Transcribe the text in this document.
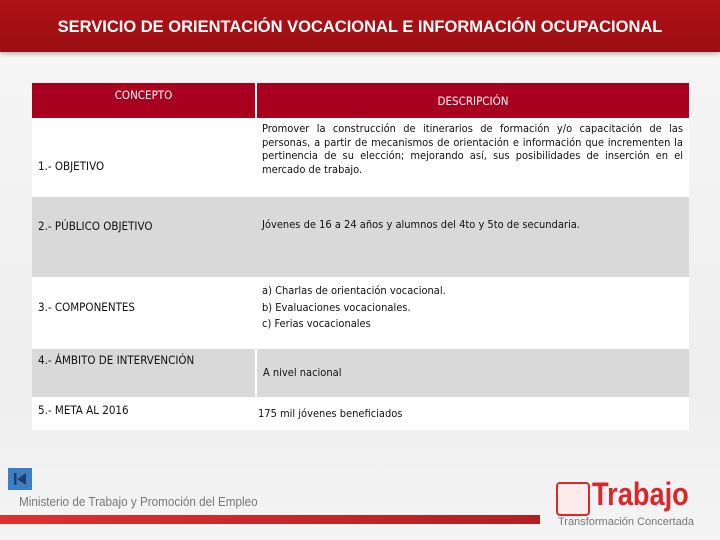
SERVICIO DE ORIENTACIÓN VOCACIONAL E INFORMACIÓN OCUPACIONAL
CONCEPTO	DESCRIPCIÓN
1.- OBJETIVO	Promover la construcción de itinerarios de formación y/o capacitación de las personas, a partir de mecanismos de orientación e información que incrementen la pertinencia de su elección; mejorando así, sus posibilidades de inserción en el mercado de trabajo.
2.- PÚBLICO OBJETIVO	Jóvenes de 16 a 24 años y alumnos del 4to y 5to de secundaria.
3.- COMPONENTES	a) Charlas de orientación vocacional.
b) Evaluaciones vocacionales.
c) Ferias vocacionales

4.- ÁMBITO DE INTERVENCIÓN	A nivel nacional
5.- META AL 2016	175 mil jóvenes beneficiados
Ministerio de Trabajo y Promoción del Empleo	Trabajo
Transformación Concertada
